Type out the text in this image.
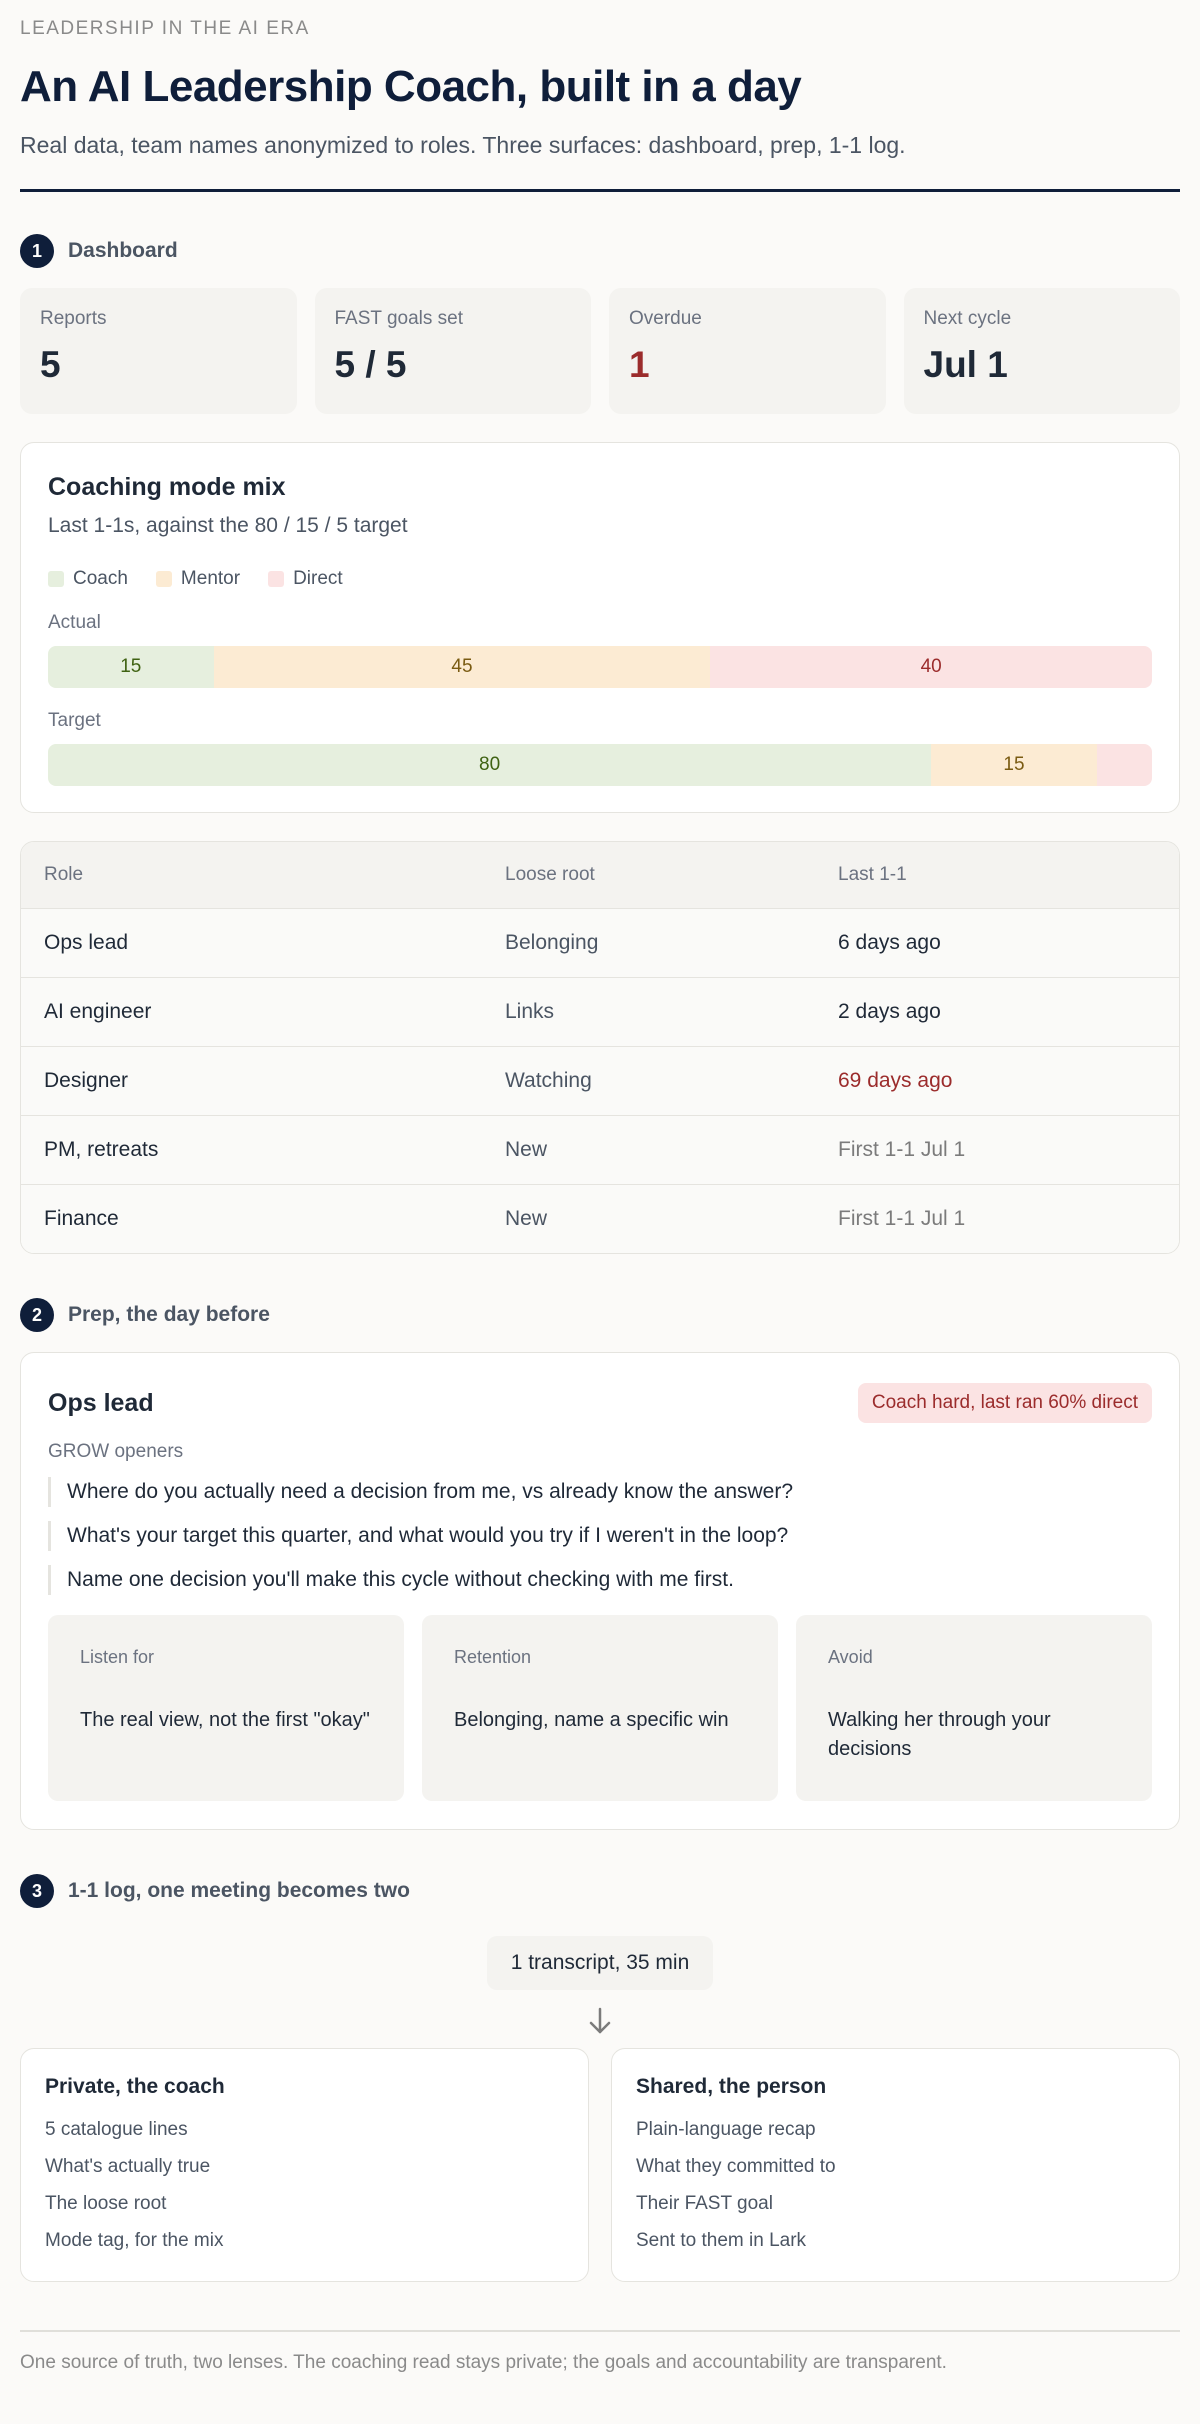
LEADERSHIP IN THE AI ERA
An AI Leadership Coach, built in a day
Real data, team names anonymized to roles. Three surfaces: dashboard, prep, 1-1 log.
1	Dashboard
Reports
5
FAST goals set
5 / 5
Overdue
1
Next cycle
Jul 1
Coaching mode mix
Last 1-1s, against the 80 / 15 / 5 target
Coach	Mentor	Direct
Actual
15	45	40
Target
80	15
Role	Loose root	Last 1-1
Ops lead	Belonging	6 days ago
AI engineer	Links	2 days ago
Designer	Watching	69 days ago
PM, retreats	New	First 1-1 Jul 1
Finance	New	First 1-1 Jul 1
2	Prep, the day before
Ops lead	Coach hard, last ran 60% direct
GROW openers
Where do you actually need a decision from me, vs already know the answer?
What's your target this quarter, and what would you try if I weren't in the loop?
Name one decision you'll make this cycle without checking with me first.
Listen for
The real view, not the first "okay"
Retention
Belonging, name a specific win
Avoid
Walking her through your decisions
3	1-1 log, one meeting becomes two
1 transcript, 35 min
Private, the coach
5 catalogue lines
What's actually true
The loose root
Mode tag, for the mix
Shared, the person
Plain-language recap
What they committed to
Their FAST goal
Sent to them in Lark
One source of truth, two lenses. The coaching read stays private; the goals and accountability are transparent.
